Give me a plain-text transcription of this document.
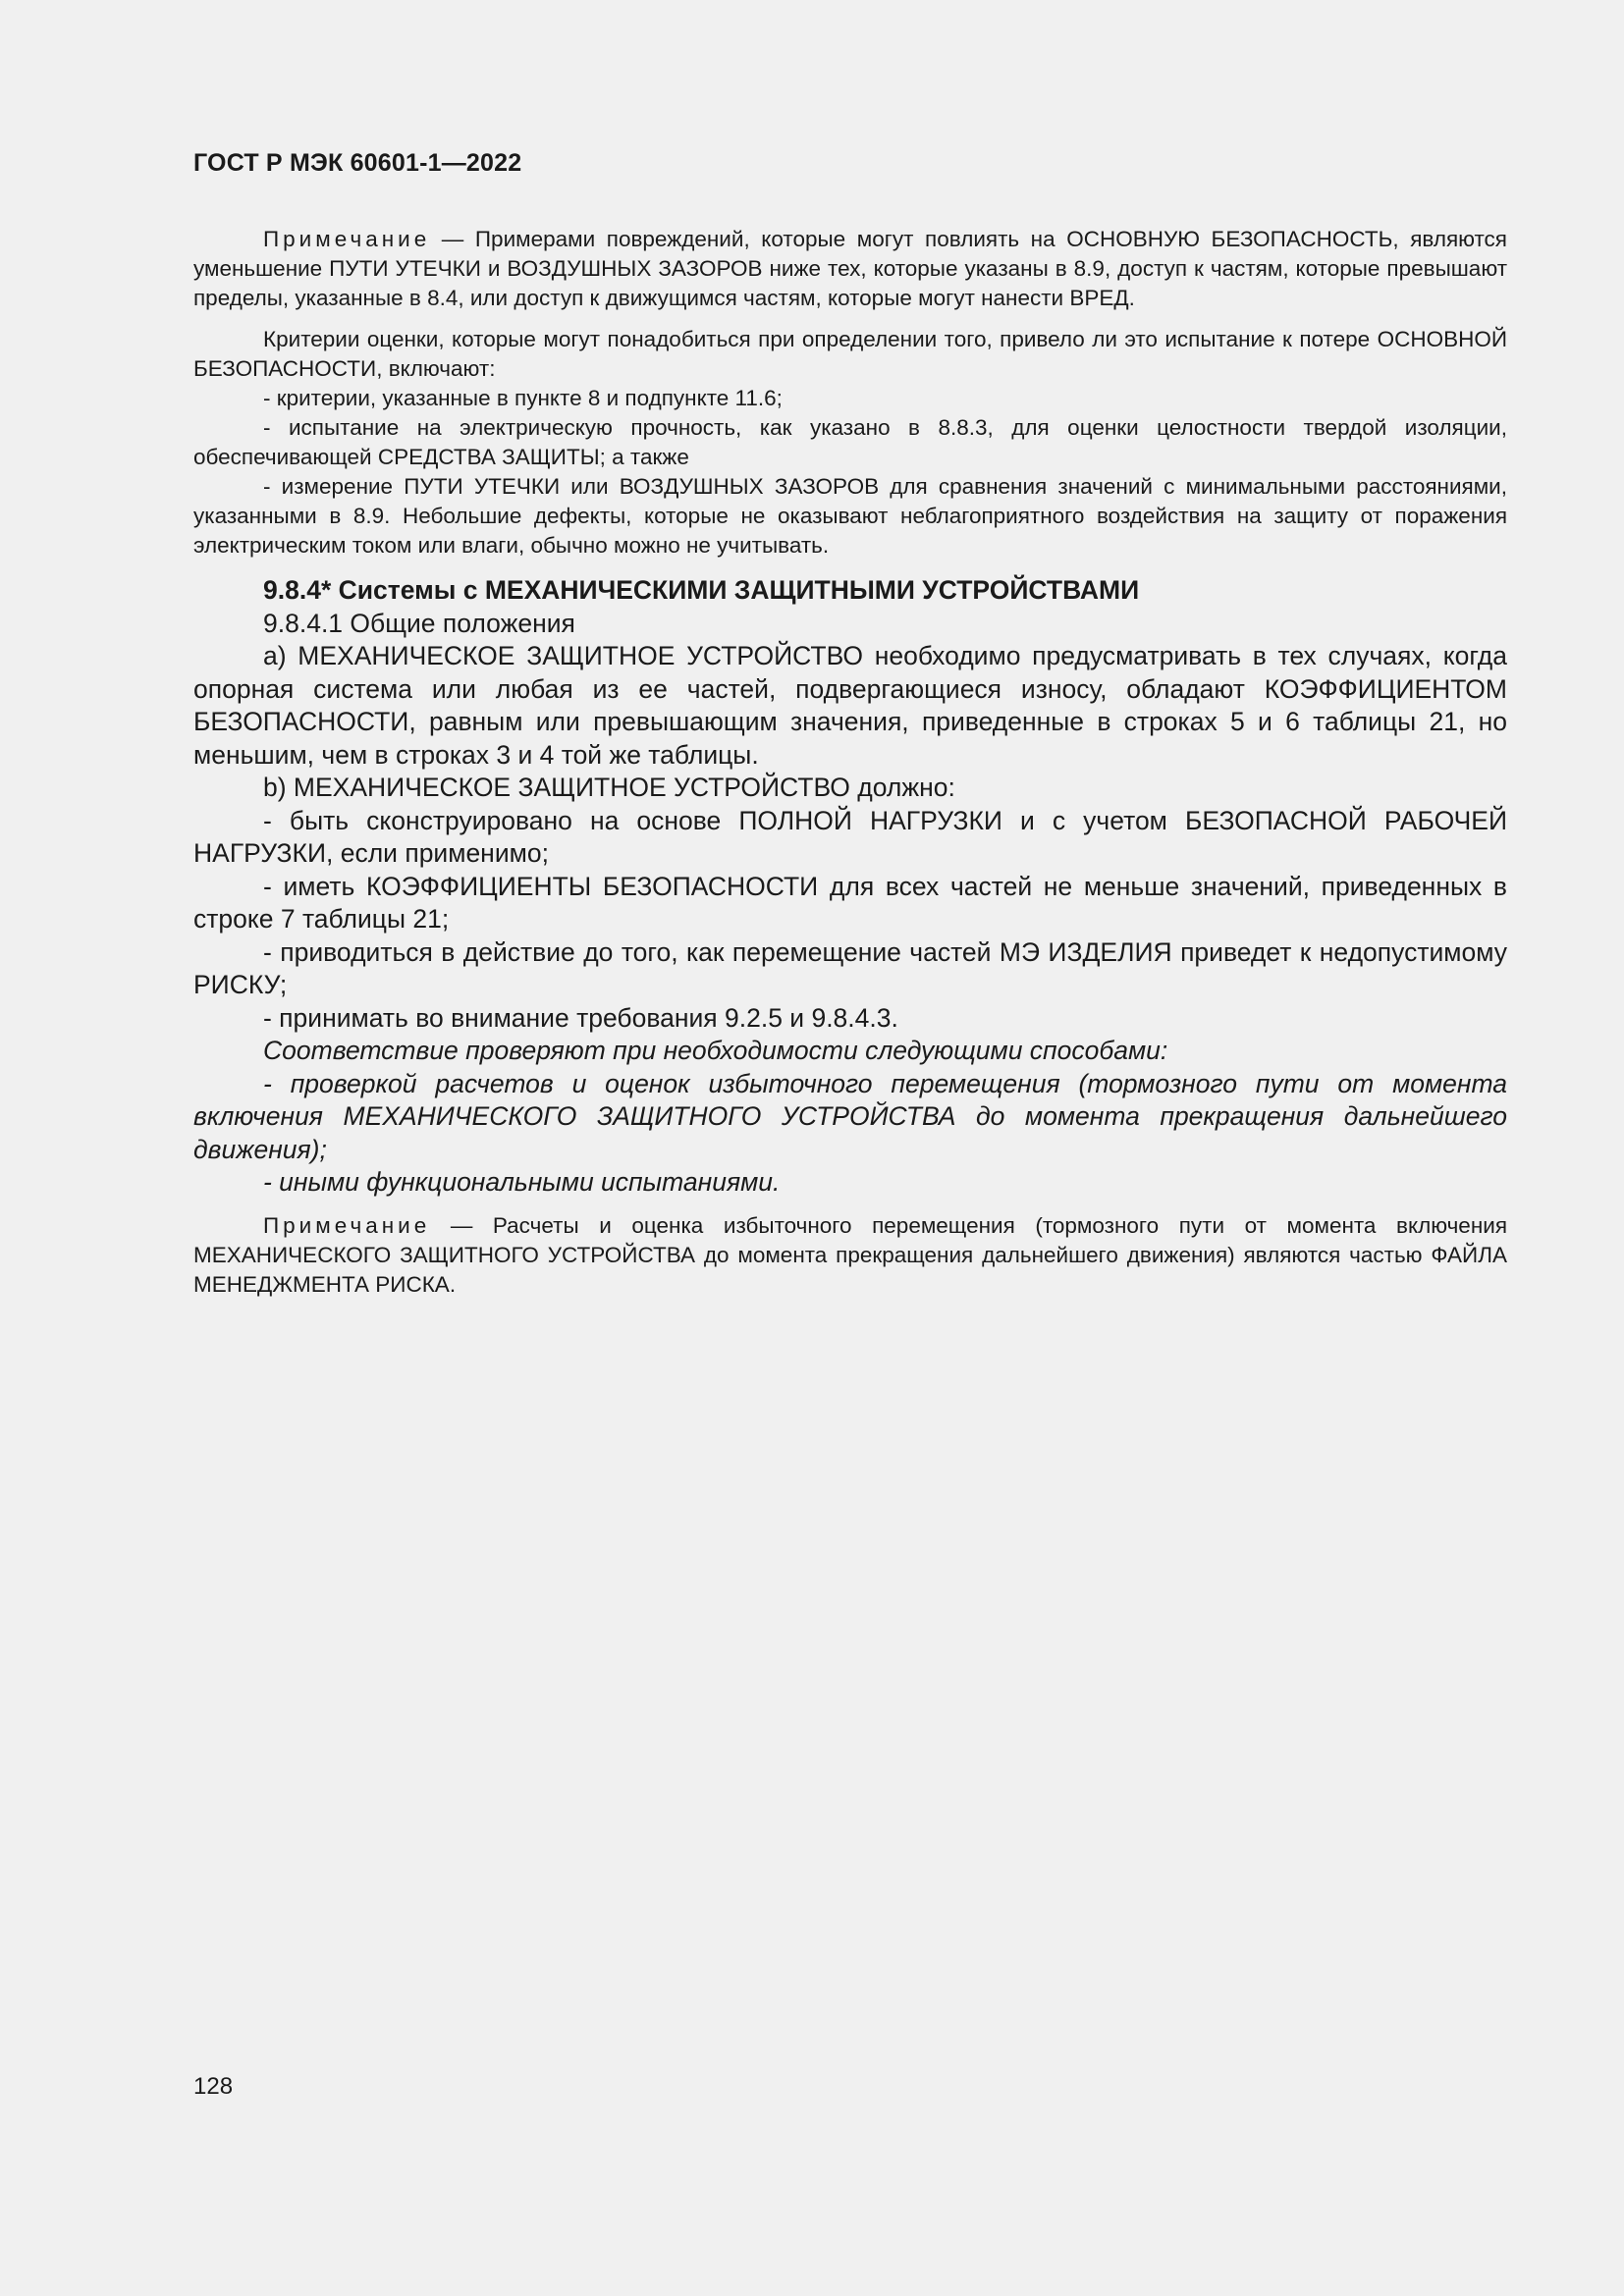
ГОСТ Р МЭК 60601-1—2022

Примечание — Примерами повреждений, которые могут повлиять на ОСНОВНУЮ БЕЗОПАСНОСТЬ, являются уменьшение ПУТИ УТЕЧКИ и ВОЗДУШНЫХ ЗАЗОРОВ ниже тех, которые указаны в 8.9, доступ к частям, которые превышают пределы, указанные в 8.4, или доступ к движущимся частям, которые могут нанести ВРЕД.

Критерии оценки, которые могут понадобиться при определении того, привело ли это испытание к потере ОСНОВНОЙ БЕЗОПАСНОСТИ, включают:

- критерии, указанные в пункте 8 и подпункте 11.6;

- испытание на электрическую прочность, как указано в 8.8.3, для оценки целостности твердой изоляции, обеспечивающей СРЕДСТВА ЗАЩИТЫ; а также

- измерение ПУТИ УТЕЧКИ или ВОЗДУШНЫХ ЗАЗОРОВ для сравнения значений с минимальными расстояниями, указанными в 8.9. Небольшие дефекты, которые не оказывают неблагоприятного воздействия на защиту от поражения электрическим током или влаги, обычно можно не учитывать.

9.8.4* Системы с МЕХАНИЧЕСКИМИ ЗАЩИТНЫМИ УСТРОЙСТВАМИ

9.8.4.1 Общие положения

а) МЕХАНИЧЕСКОЕ ЗАЩИТНОЕ УСТРОЙСТВО необходимо предусматривать в тех случаях, когда опорная система или любая из ее частей, подвергающиеся износу, обладают КОЭФФИЦИЕНТОМ БЕЗОПАСНОСТИ, равным или превышающим значения, приведенные в строках 5 и 6 таблицы 21, но меньшим, чем в строках 3 и 4 той же таблицы.

b) МЕХАНИЧЕСКОЕ ЗАЩИТНОЕ УСТРОЙСТВО должно:

- быть сконструировано на основе ПОЛНОЙ НАГРУЗКИ и с учетом БЕЗОПАСНОЙ РАБОЧЕЙ НАГРУЗКИ, если применимо;

- иметь КОЭФФИЦИЕНТЫ БЕЗОПАСНОСТИ для всех частей не меньше значений, приведенных в строке 7 таблицы 21;

- приводиться в действие до того, как перемещение частей МЭ ИЗДЕЛИЯ приведет к недопустимому РИСКУ;

- принимать во внимание требования 9.2.5 и 9.8.4.3.

Соответствие проверяют при необходимости следующими способами:

- проверкой расчетов и оценок избыточного перемещения (тормозного пути от момента включения МЕХАНИЧЕСКОГО ЗАЩИТНОГО УСТРОЙСТВА до момента прекращения дальнейшего движения);

- иными функциональными испытаниями.

Примечание — Расчеты и оценка избыточного перемещения (тормозного пути от момента включения МЕХАНИЧЕСКОГО ЗАЩИТНОГО УСТРОЙСТВА до момента прекращения дальнейшего движения) являются частью ФАЙЛА МЕНЕДЖМЕНТА РИСКА.

128
